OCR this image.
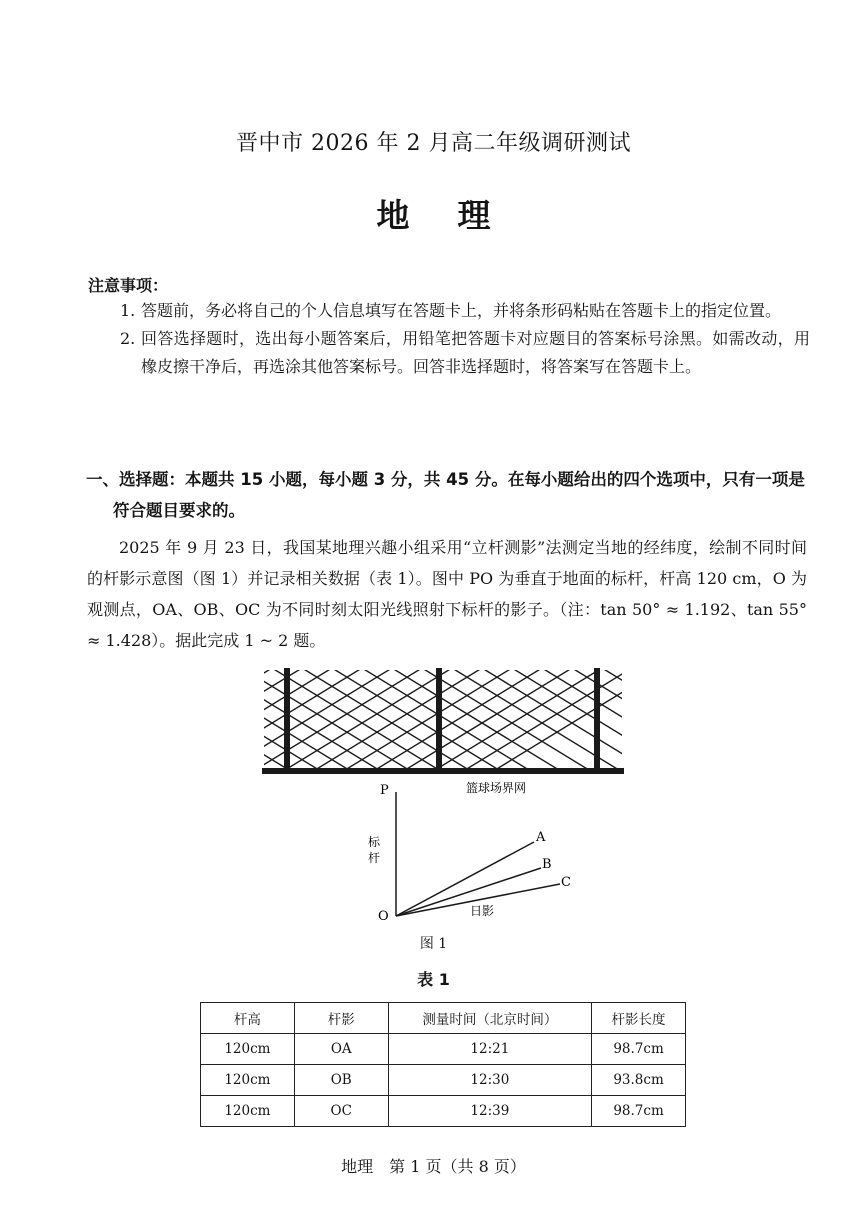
晋中市 2026 年 2 月高二年级调研测试
地 理
注意事项：
1. 答题前，务必将自己的个人信息填写在答题卡上，并将条形码粘贴在答题卡上的指定位置。
2. 回答选择题时，选出每小题答案后，用铅笔把答题卡对应题目的答案标号涂黑。如需改动，用橡皮擦干净后，再选涂其他答案标号。回答非选择题时，将答案写在答题卡上。
一、选择题：本题共 15 小题，每小题 3 分，共 45 分。在每小题给出的四个选项中，只有一项是
符合题目要求的。
2025 年 9 月 23 日，我国某地理兴趣小组采用“立杆测影”法测定当地的经纬度，绘制不同时间的杆影示意图（图 1）并记录相关数据（表 1）。图中 PO 为垂直于地面的标杆，杆高 120 cm，O 为观测点，OA、OB、OC 为不同时刻太阳光线照射下标杆的影子。（注：tan 50° ≈ 1.192、tan 55° ≈ 1.428）。据此完成 1 ~ 2 题。
篮球场界网
P
O
A
B
C
日影
标 杆
图 1
表 1
杆高	杆影	测量时间（北京时间）	杆影长度
120cm	OA	12:21	98.7cm
120cm	OB	12:30	93.8cm
120cm	OC	12:39	98.7cm
地理　第 1 页（共 8 页）
